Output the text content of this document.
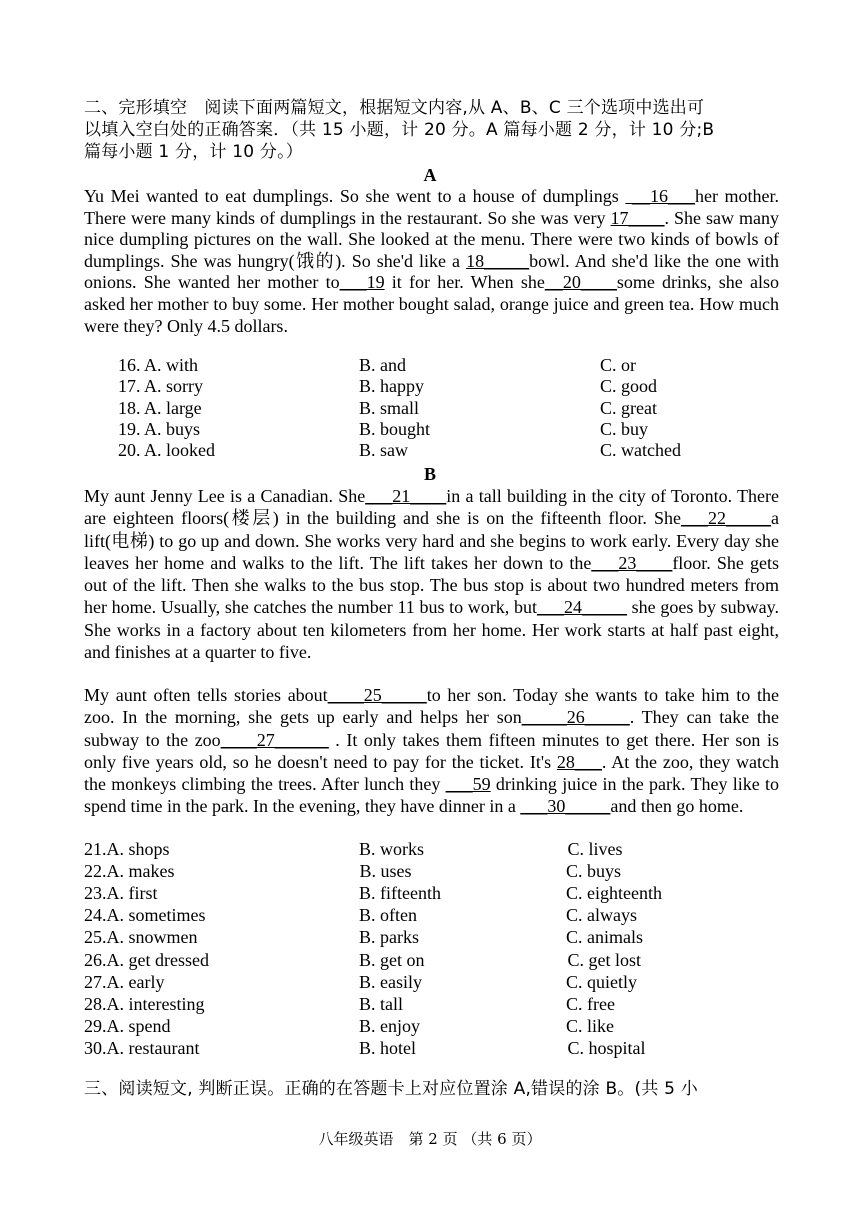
二、完形填空　阅读下面两篇短文，根据短文内容,从 A、B、C 三个选项中选出可
以填入空白处的正确答案．（共 15 小题，计 20 分。A 篇每小题 2 分，计 10 分;B
篇每小题 1 分，计 10 分。）
A
Yu Mei wanted to eat dumplings. So she went to a house of dumplings  __16___her mother. There were many kinds of dumplings in the restaurant. So she was very 17____. She saw many nice dumpling pictures on the wall. She looked at the menu. There were two kinds of bowls of dumplings. She was hungry(饿的). So she'd like a 18_____bowl. And she'd like the one with onions. She wanted her mother to___19 it for her. When she__20____some drinks, she also asked her mother to buy some. Her mother bought salad, orange juice and green tea. How much were they? Only 4.5 dollars.
16. A. with	B. and	C. or
17. A. sorry	B. happy	C. good
18. A. large	B. small	C. great
19. A. buys	B. bought	C. buy
20. A. looked	B. saw	C. watched
B
My aunt Jenny Lee is a Canadian. She___21____in a tall building in the city of Toronto. There are eighteen floors(楼层) in the building and she is on the fifteenth floor. She___22_____a lift(电梯) to go up and down. She works very hard and she begins to work early. Every day she leaves her home and walks to the lift. The lift takes her down to the___23____floor. She gets out of the lift. Then she walks to the bus stop. The bus stop is about two hundred meters from her home. Usually, she catches the number 11 bus to work, but___24_____ she goes by subway. She works in a factory about ten kilometers from her home. Her work starts at half past eight, and finishes at a quarter to five.
My aunt often tells stories about____25_____to her son. Today she wants to take him to the zoo. In the morning, she gets up early and helps her son_____26_____. They can take the subway to the zoo____27______ . It only takes them fifteen minutes to get there. Her son is only five years old, so he doesn't need to pay for the ticket. It's 28___. At the zoo, they watch the monkeys climbing the trees. After lunch they ___59 drinking juice in the park. They like to spend time in the park. In the evening, they have dinner in a ___30_____and then go home.
21.A. shops	B. works	C. lives
22.A. makes	B. uses	C. buys
23.A. first	B. fifteenth	C. eighteenth
24.A. sometimes	B. often	C. always
25.A. snowmen	B. parks	C. animals
26.A. get dressed	B. get on	C. get lost
27.A. early	B. easily	C. quietly
28.A. interesting	B. tall	C. free
29.A. spend	B. enjoy	C. like
30.A. restaurant	B. hotel	C. hospital
三、阅读短文, 判断正误。正确的在答题卡上对应位置涂 A,错误的涂 B。(共 5 小
八年级英语　第 2 页 （共 6 页）
